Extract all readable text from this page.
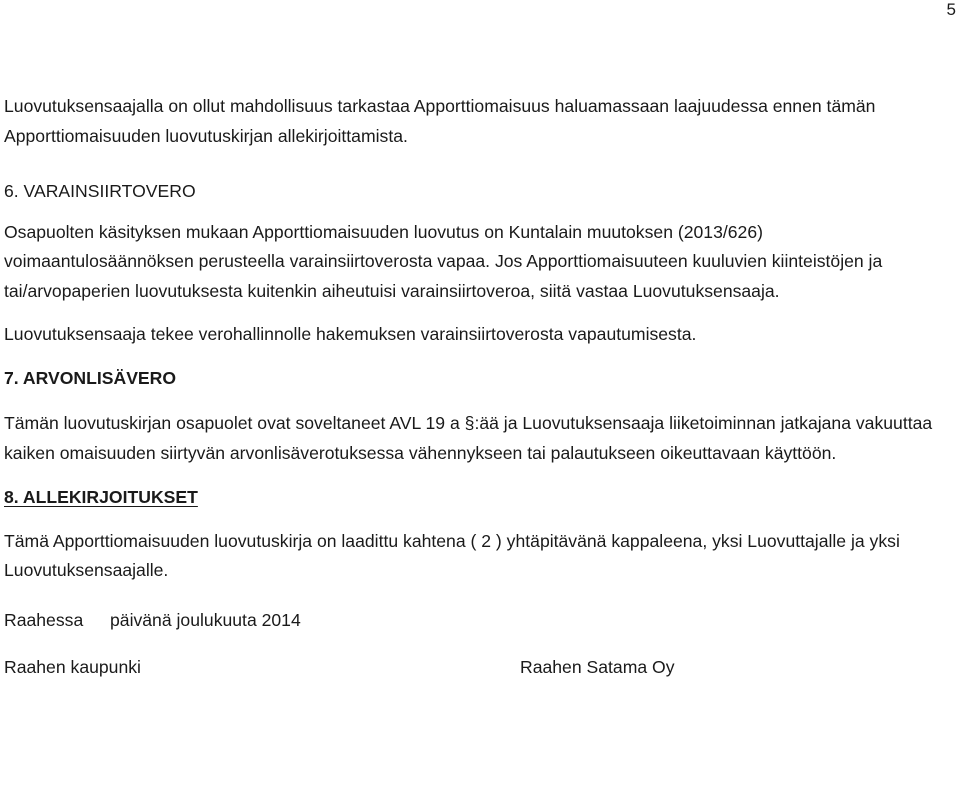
5

Luovutuksensaajalla on ollut mahdollisuus tarkastaa Apporttiomaisuus haluamassaan laajuudessa ennen tämän Apporttiomaisuuden luovutuskirjan allekirjoittamista.

6. VARAINSIIRTOVERO

Osapuolten käsityksen mukaan Apporttiomaisuuden luovutus on Kuntalain muutoksen (2013/626) voimaantulosäännöksen perusteella varainsiirtoverosta vapaa. Jos Apporttiomaisuuteen kuuluvien kiinteistöjen ja tai/arvopaperien luovutuksesta kuitenkin aiheutuisi varainsiirtoveroa, siitä vastaa Luovutuksensaaja.

Luovutuksensaaja tekee verohallinnolle hakemuksen varainsiirtoverosta vapautumisesta.

7. ARVONLISÄVERO

Tämän luovutuskirjan osapuolet ovat soveltaneet AVL 19 a §:ää ja Luovutuksensaaja liiketoiminnan jatkajana vakuuttaa kaiken omaisuuden siirtyvän arvonlisäverotuksessa vähennykseen tai palautukseen oikeuttavaan käyttöön.

8. ALLEKIRJOITUKSET

Tämä Apporttiomaisuuden luovutuskirja on laadittu kahtena ( 2 ) yhtäpitävänä kappaleena, yksi Luovuttajalle ja yksi Luovutuksensaajalle.

Raahessa päivänä joulukuuta 2014

Raahen kaupunki	Raahen Satama Oy
